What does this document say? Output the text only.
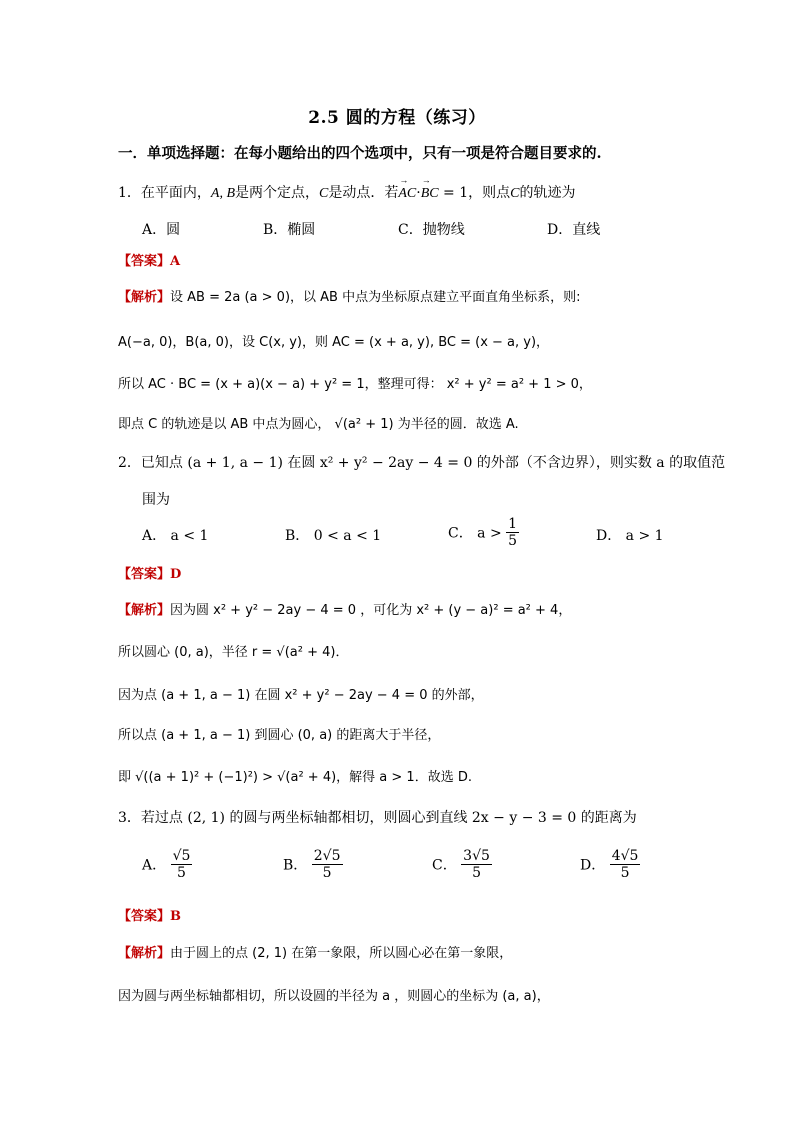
2.5 圆的方程（练习）
一．单项选择题：在每小题给出的四个选项中，只有一项是符合题目要求的.
1．在平面内，A, B是两个定点，C是动点．若→ AC·→ BC = 1，则点C的轨迹为
A．圆	B．椭圆	C．抛物线	D．直线
【答案】A
【解析】设 AB = 2a (a > 0)，以 AB 中点为坐标原点建立平面直角坐标系，则:
A(−a, 0)，B(a, 0)，设 C(x, y)，则 AC = (x + a, y), BC = (x − a, y)，
所以 AC · BC = (x + a)(x − a) + y² = 1，整理可得： x² + y² = a² + 1 > 0，
即点 C 的轨迹是以 AB 中点为圆心， √(a² + 1) 为半径的圆．故选 A.
2．已知点 (a + 1, a − 1) 在圆 x² + y² − 2ay − 4 = 0 的外部（不含边界），则实数 a 的取值范
围为
A． a < 1	B． 0 < a < 1	C． $a > \frac{1}{5}$	D． a > 1
【答案】D
【解析】因为圆 x² + y² − 2ay − 4 = 0 ，可化为 x² + (y − a)² = a² + 4，
所以圆心 (0, a)，半径 r = √(a² + 4)．
因为点 (a + 1, a − 1) 在圆 x² + y² − 2ay − 4 = 0 的外部，
所以点 (a + 1, a − 1) 到圆心 (0, a) 的距离大于半径，
即 √((a + 1)² + (−1)²) > √(a² + 4)，解得 a > 1．故选 D.
3．若过点 (2, 1) 的圆与两坐标轴都相切，则圆心到直线 2x − y − 3 = 0 的距离为
A． $\frac{√5}{5}$	B． $\frac{2√5}{5}$	C． $\frac{3√5}{5}$	D． $\frac{4√5}{5}$
【答案】B
【解析】由于圆上的点 (2, 1) 在第一象限，所以圆心必在第一象限，
因为圆与两坐标轴都相切，所以设圆的半径为 a ，则圆心的坐标为 (a, a)，
